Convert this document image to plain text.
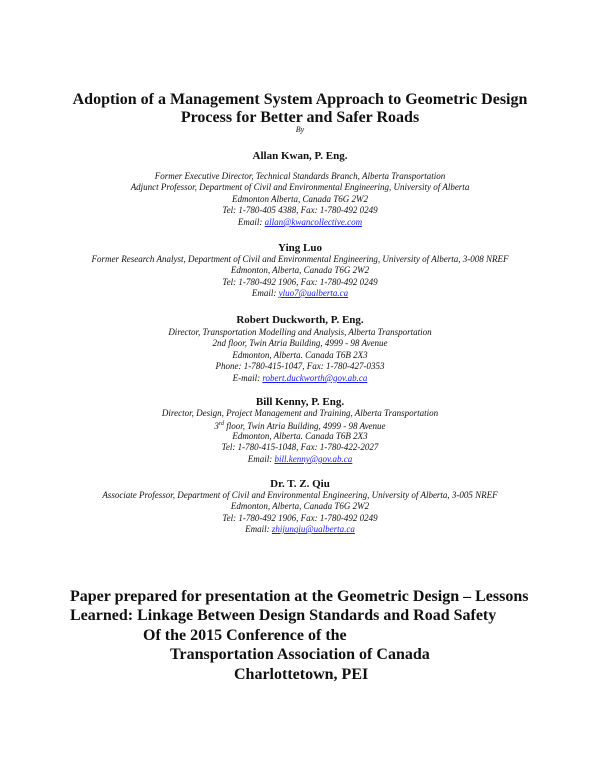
Adoption of a Management System Approach to Geometric Design
Process for Better and Safer Roads
By
Allan Kwan, P. Eng.
Former Executive Director, Technical Standards Branch, Alberta Transportation
Adjunct Professor, Department of Civil and Environmental Engineering, University of Alberta
Edmonton Alberta, Canada T6G 2W2
Tel: 1-780-405 4388, Fax: 1-780-492 0249
Email: allan@kwancollective.com
Ying Luo
Former Research Analyst, Department of Civil and Environmental Engineering, University of Alberta, 3-008 NREF
Edmonton, Alberta, Canada T6G 2W2
Tel: 1-780-492 1906, Fax: 1-780-492 0249
Email: yluo7@ualberta.ca
Robert Duckworth, P. Eng.
Director, Transportation Modelling and Analysis, Alberta Transportation
2nd floor, Twin Atria Building, 4999 - 98 Avenue
Edmonton, Alberta. Canada T6B 2X3
Phone: 1-780-415-1047, Fax: 1-780-427-0353
E-mail: robert.duckworth@gov.ab.ca
Bill Kenny, P. Eng.
Director, Design, Project Management and Training, Alberta Transportation
3rd floor, Twin Atria Building, 4999 - 98 Avenue
Edmonton, Alberta. Canada T6B 2X3
Tel: 1-780-415-1048, Fax: 1-780-422-2027
Email: bill.kenny@gov.ab.ca
Dr. T. Z. Qiu
Associate Professor, Department of Civil and Environmental Engineering, University of Alberta, 3-005 NREF
Edmonton, Alberta, Canada T6G 2W2
Tel: 1-780-492 1906, Fax: 1-780-492 0249
Email: zhijunqiu@ualberta.ca
Paper prepared for presentation at the Geometric Design – Lessons
Learned: Linkage Between Design Standards and Road Safety
Of the 2015 Conference of the
Transportation Association of Canada
Charlottetown, PEI
